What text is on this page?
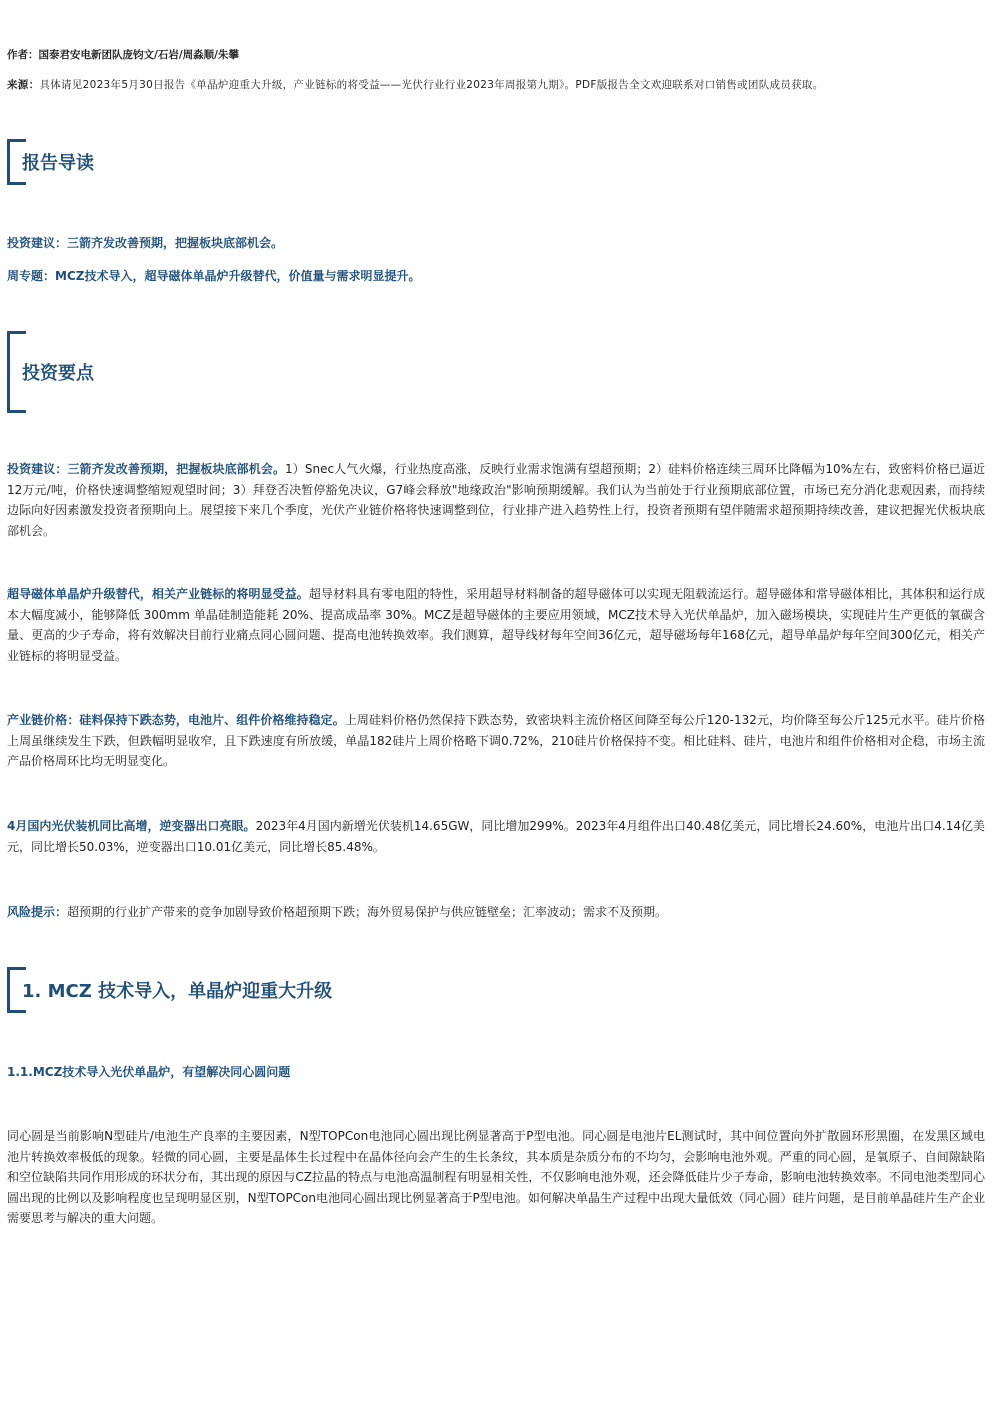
作者：国泰君安电新团队庞钧文/石岩/周淼顺/朱攀
来源：具体请见2023年5月30日报告《单晶炉迎重大升级，产业链标的将受益——光伏行业行业2023年周报第九期》。PDF版报告全文欢迎联系对口销售或团队成员获取。
报告导读
投资建议：三箭齐发改善预期，把握板块底部机会。
周专题：MCZ技术导入，超导磁体单晶炉升级替代，价值量与需求明显提升。
投资要点
投资建议：三箭齐发改善预期，把握板块底部机会。1）Snec人气火爆，行业热度高涨，反映行业需求饱满有望超预期；2）硅料价格连续三周环比降幅为10%左右，致密料价格已逼近12万元/吨，价格快速调整缩短观望时间；3）拜登否决暂停豁免决议，G7峰会释放"地缘政治"影响预期缓解。我们认为当前处于行业预期底部位置，市场已充分消化悲观因素，而持续边际向好因素激发投资者预期向上。展望接下来几个季度，光伏产业链价格将快速调整到位，行业排产进入趋势性上行，投资者预期有望伴随需求超预期持续改善，建议把握光伏板块底部机会。
超导磁体单晶炉升级替代，相关产业链标的将明显受益。超导材料具有零电阻的特性，采用超导材料制备的超导磁体可以实现无阻载流运行。超导磁体和常导磁体相比，其体积和运行成本大幅度减小，能够降低 300mm 单晶硅制造能耗 20%、提高成品率 30%。MCZ是超导磁体的主要应用领域，MCZ技术导入光伏单晶炉，加入磁场模块，实现硅片生产更低的氧碳含量、更高的少子寿命，将有效解决目前行业痛点同心圆问题、提高电池转换效率。我们测算，超导线材每年空间36亿元，超导磁场每年168亿元，超导单晶炉每年空间300亿元，相关产业链标的将明显受益。
产业链价格：硅料保持下跌态势，电池片、组件价格维持稳定。上周硅料价格仍然保持下跌态势，致密块料主流价格区间降至每公斤120-132元，均价降至每公斤125元水平。硅片价格上周虽继续发生下跌，但跌幅明显收窄，且下跌速度有所放缓，单晶182硅片上周价格略下调0.72%，210硅片价格保持不变。相比硅料、硅片，电池片和组件价格相对企稳，市场主流产品价格周环比均无明显变化。
4月国内光伏装机同比高增，逆变器出口亮眼。2023年4月国内新增光伏装机14.65GW，同比增加299%。2023年4月组件出口40.48亿美元，同比增长24.60%，电池片出口4.14亿美元，同比增长50.03%，逆变器出口10.01亿美元，同比增长85.48%。
风险提示：超预期的行业扩产带来的竞争加剧导致价格超预期下跌；海外贸易保护与供应链壁垒；汇率波动；需求不及预期。
1. MCZ 技术导入，单晶炉迎重大升级
1.1.MCZ技术导入光伏单晶炉，有望解决同心圆问题
同心圆是当前影响N型硅片/电池生产良率的主要因素，N型TOPCon电池同心圆出现比例显著高于P型电池。同心圆是电池片EL测试时，其中间位置向外扩散圆环形黑圈，在发黑区域电池片转换效率极低的现象。轻微的同心圆，主要是晶体生长过程中在晶体径向会产生的生长条纹，其本质是杂质分布的不均匀，会影响电池外观。严重的同心圆，是氧原子、自间隙缺陷和空位缺陷共同作用形成的环状分布，其出现的原因与CZ拉晶的特点与电池高温制程有明显相关性，不仅影响电池外观，还会降低硅片少子寿命，影响电池转换效率。不同电池类型同心圆出现的比例以及影响程度也呈现明显区别，N型TOPCon电池同心圆出现比例显著高于P型电池。如何解决单晶生产过程中出现大量低效（同心圆）硅片问题，是目前单晶硅片生产企业需要思考与解决的重大问题。
